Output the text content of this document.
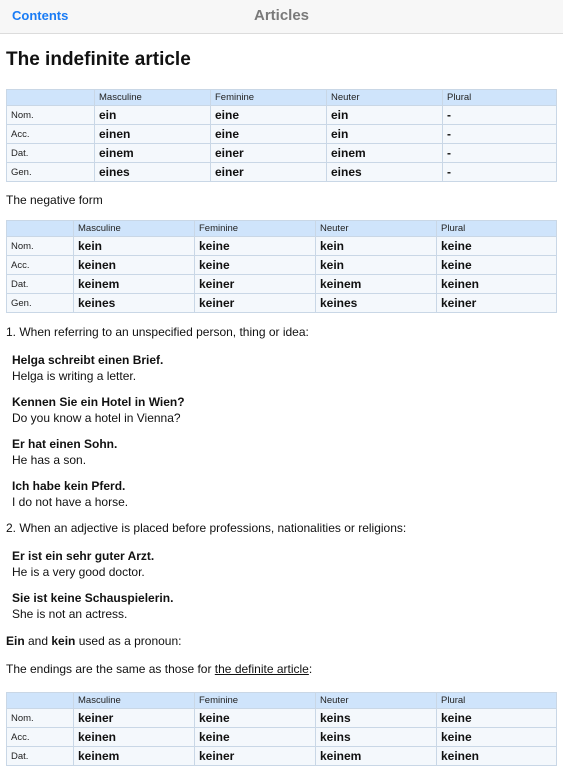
Contents	Articles
The indefinite article
	Masculine	Feminine	Neuter	Plural
Nom.	ein	eine	ein	-
Acc.	einen	eine	ein	-
Dat.	einem	einer	einem	-
Gen.	eines	einer	eines	-

The negative form

	Masculine	Feminine	Neuter	Plural
Nom.	kein	keine	kein	keine
Acc.	keinen	keine	kein	keine
Dat.	keinem	keiner	keinem	keinen
Gen.	keines	keiner	keines	keiner

1. When referring to an unspecified person, thing or idea:

Helga schreibt einen Brief.
Helga is writing a letter.
Kennen Sie ein Hotel in Wien?
Do you know a hotel in Vienna?
Er hat einen Sohn.
He has a son.
Ich habe kein Pferd.
I do not have a horse.

2. When an adjective is placed before professions, nationalities or religions:

Er ist ein sehr guter Arzt.
He is a very good doctor.
Sie ist keine Schauspielerin.
She is not an actress.

Ein and kein used as a pronoun:

The endings are the same as those for the definite article:

	Masculine	Feminine	Neuter	Plural
Nom.	keiner	keine	keins	keine
Acc.	keinen	keine	keins	keine
Dat.	keinem	keiner	keinem	keinen
